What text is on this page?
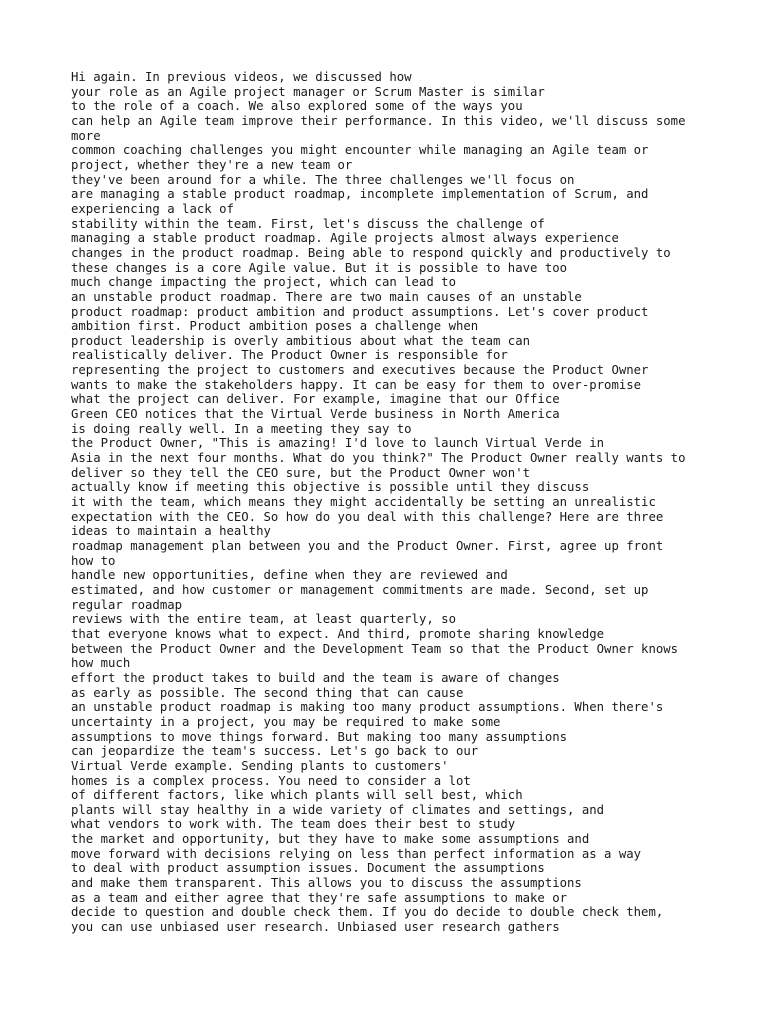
Hi again. In previous videos, we discussed how
your role as an Agile project manager or Scrum Master is similar
to the role of a coach. We also explored some of the ways you
can help an Agile team improve their performance. In this video, we'll discuss some
more
common coaching challenges you might encounter while managing an Agile team or
project, whether they're a new team or
they've been around for a while. The three challenges we'll focus on
are managing a stable product roadmap, incomplete implementation of Scrum, and
experiencing a lack of
stability within the team. First, let's discuss the challenge of
managing a stable product roadmap. Agile projects almost always experience
changes in the product roadmap. Being able to respond quickly and productively to
these changes is a core Agile value. But it is possible to have too
much change impacting the project, which can lead to
an unstable product roadmap. There are two main causes of an unstable
product roadmap: product ambition and product assumptions. Let's cover product
ambition first. Product ambition poses a challenge when
product leadership is overly ambitious about what the team can
realistically deliver. The Product Owner is responsible for
representing the project to customers and executives because the Product Owner
wants to make the stakeholders happy. It can be easy for them to over-promise
what the project can deliver. For example, imagine that our Office
Green CEO notices that the Virtual Verde business in North America
is doing really well. In a meeting they say to
the Product Owner, "This is amazing! I'd love to launch Virtual Verde in
Asia in the next four months. What do you think?" The Product Owner really wants to
deliver so they tell the CEO sure, but the Product Owner won't
actually know if meeting this objective is possible until they discuss
it with the team, which means they might accidentally be setting an unrealistic
expectation with the CEO. So how do you deal with this challenge? Here are three
ideas to maintain a healthy
roadmap management plan between you and the Product Owner. First, agree up front
how to
handle new opportunities, define when they are reviewed and
estimated, and how customer or management commitments are made. Second, set up
regular roadmap
reviews with the entire team, at least quarterly, so
that everyone knows what to expect. And third, promote sharing knowledge
between the Product Owner and the Development Team so that the Product Owner knows
how much
effort the product takes to build and the team is aware of changes
as early as possible. The second thing that can cause
an unstable product roadmap is making too many product assumptions. When there's
uncertainty in a project, you may be required to make some
assumptions to move things forward. But making too many assumptions
can jeopardize the team's success. Let's go back to our
Virtual Verde example. Sending plants to customers'
homes is a complex process. You need to consider a lot
of different factors, like which plants will sell best, which
plants will stay healthy in a wide variety of climates and settings, and
what vendors to work with. The team does their best to study
the market and opportunity, but they have to make some assumptions and
move forward with decisions relying on less than perfect information as a way
to deal with product assumption issues. Document the assumptions
and make them transparent. This allows you to discuss the assumptions
as a team and either agree that they're safe assumptions to make or
decide to question and double check them. If you do decide to double check them,
you can use unbiased user research. Unbiased user research gathers
